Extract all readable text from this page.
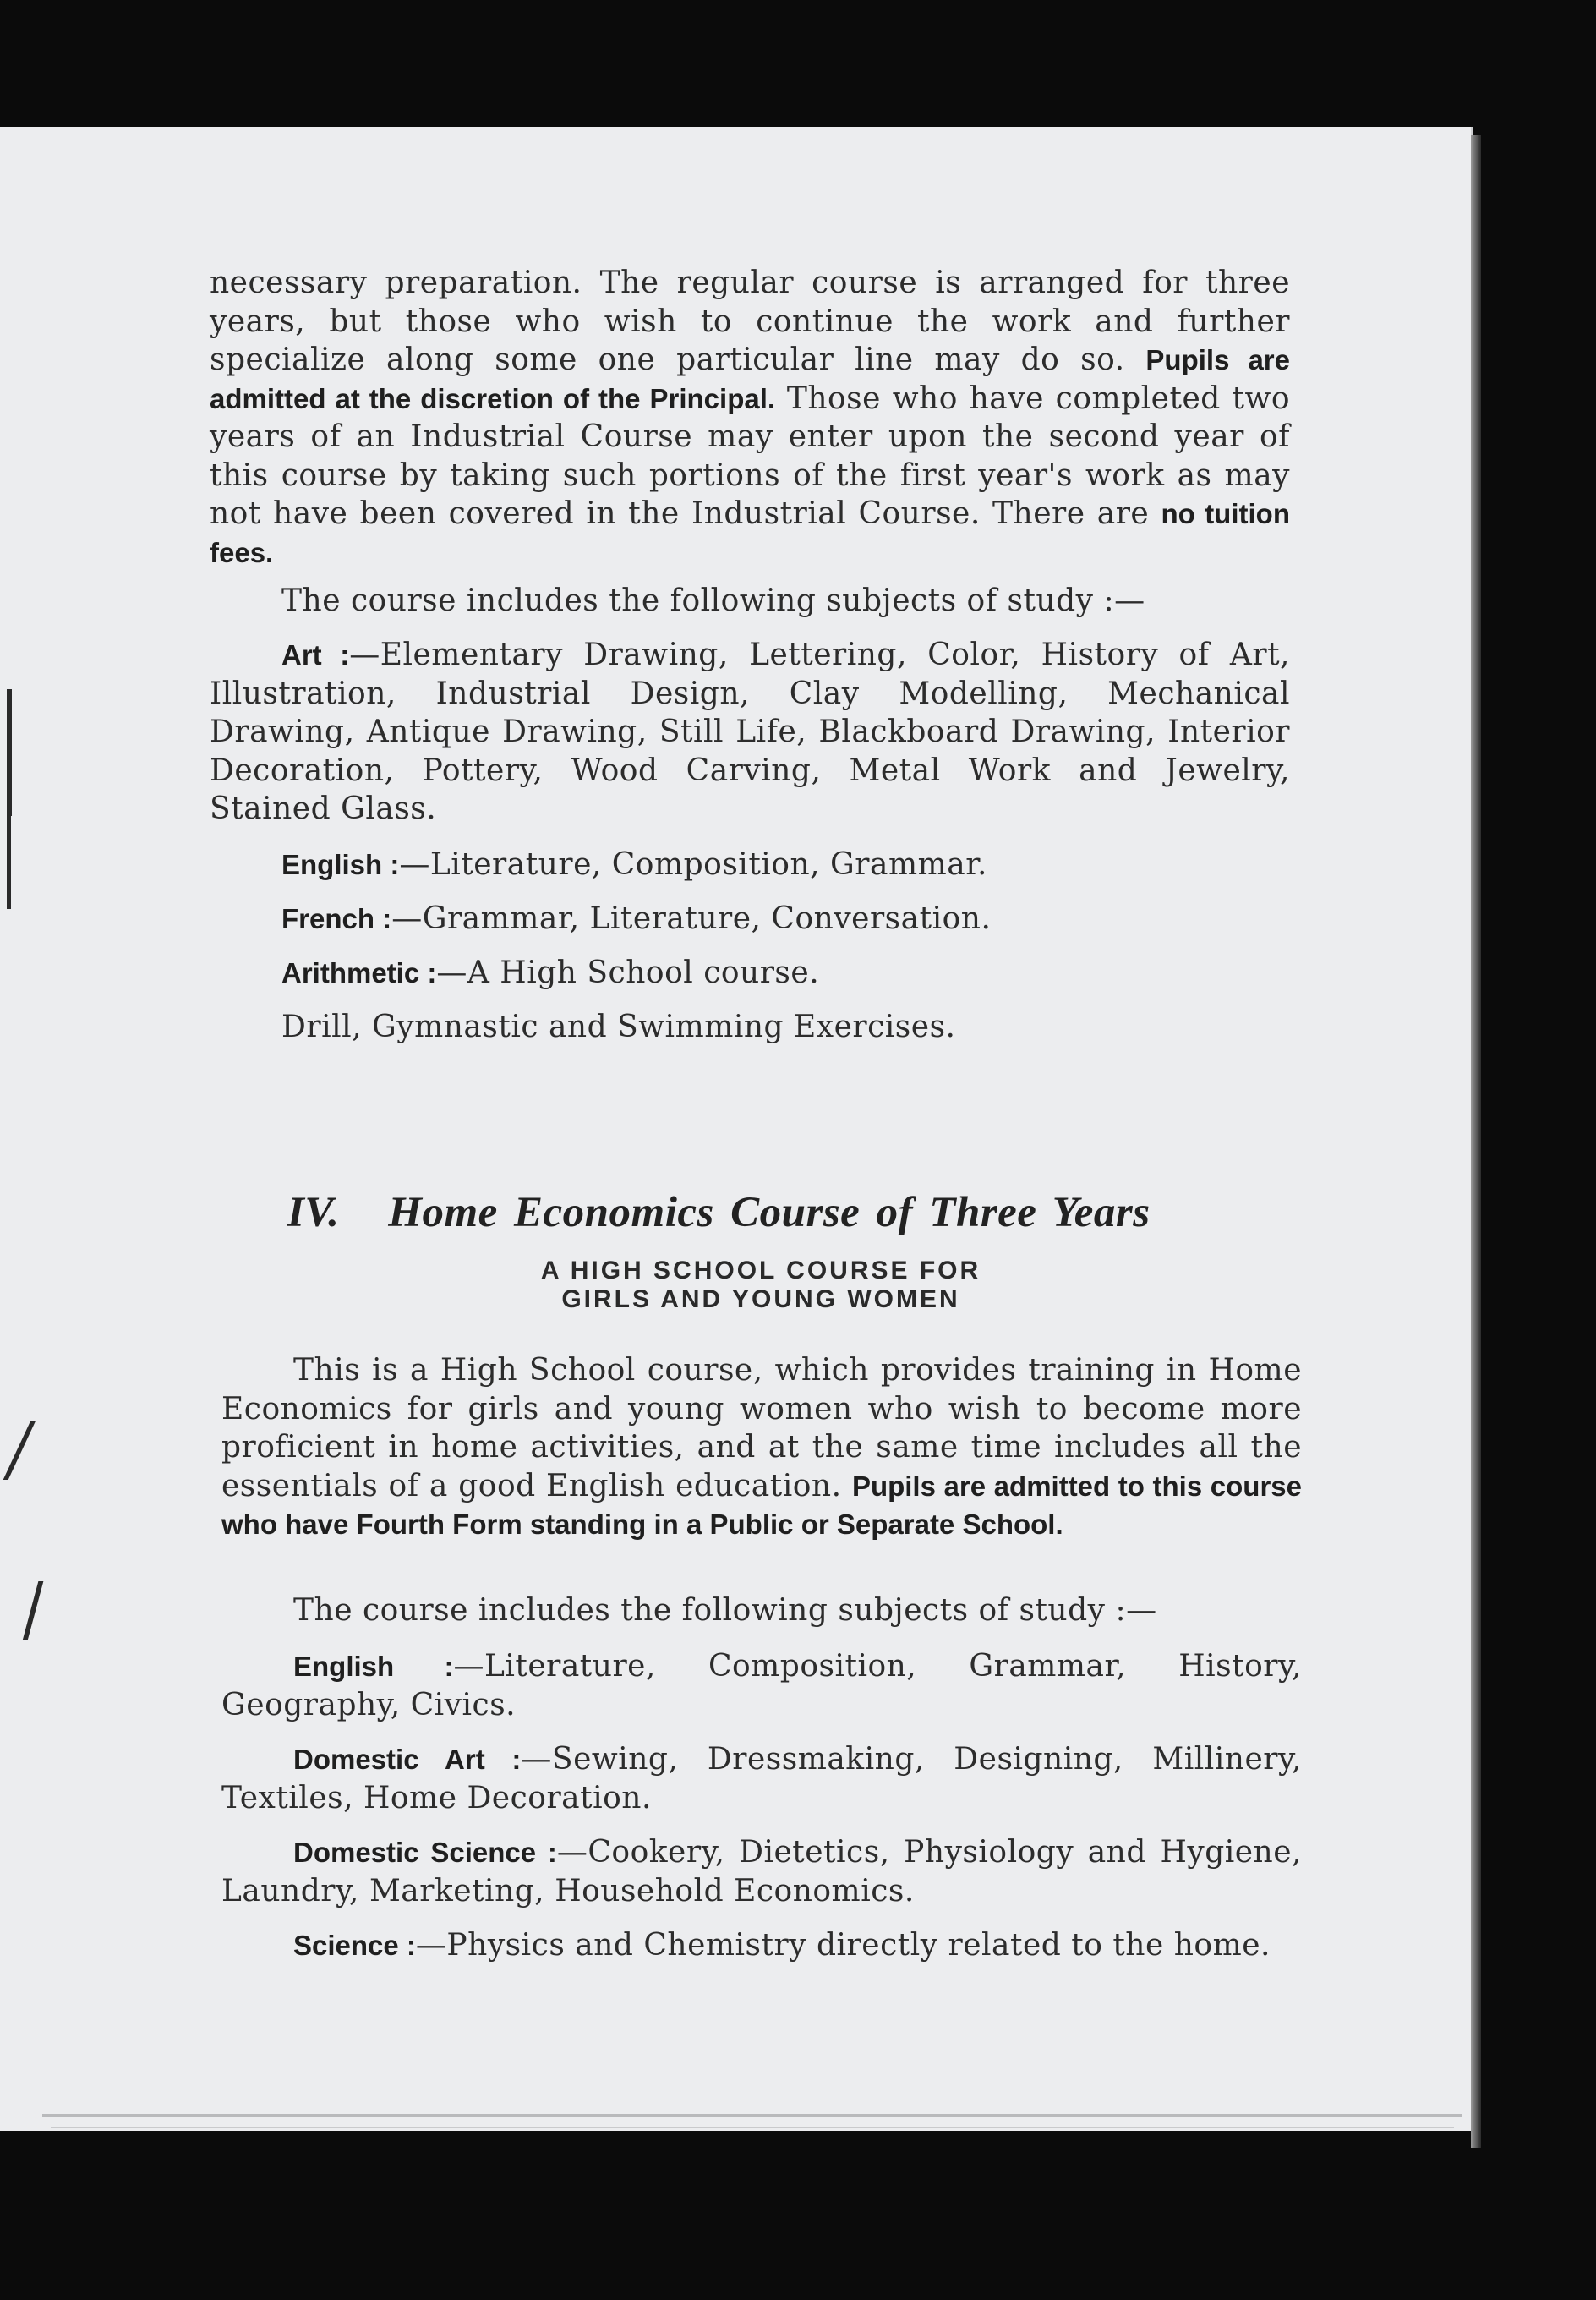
necessary preparation. The regular course is arranged for three years, but those who wish to continue the work and further specialize along some one particular line may do so. Pupils are admitted at the discretion of the Principal. Those who have completed two years of an Industrial Course may enter upon the second year of this course by taking such portions of the first year's work as may not have been covered in the Industrial Course. There are no tuition fees.

The course includes the following subjects of study :—

Art :—Elementary Drawing, Lettering, Color, History of Art, Illustration, Industrial Design, Clay Modelling, Mechanical Drawing, Antique Drawing, Still Life, Blackboard Drawing, Interior Decoration, Pottery, Wood Carving, Metal Work and Jewelry, Stained Glass.

English :—Literature, Composition, Grammar.

French :—Grammar, Literature, Conversation.

Arithmetic :—A High School course.

Drill, Gymnastic and Swimming Exercises.

IV.   Home Economics Course of Three Years
A HIGH SCHOOL COURSE FOR
GIRLS AND YOUNG WOMEN

This is a High School course, which provides training in Home Economics for girls and young women who wish to become more proficient in home activities, and at the same time includes all the essentials of a good English education. Pupils are admitted to this course who have Fourth Form standing in a Public or Separate School.

The course includes the following subjects of study :—

English :—Literature, Composition, Grammar, History, Geography, Civics.

Domestic Art :—Sewing, Dressmaking, Designing, Millinery, Textiles, Home Decoration.

Domestic Science :—Cookery, Dietetics, Physiology and Hygiene, Laundry, Marketing, Household Economics.

Science :—Physics and Chemistry directly related to the home.
